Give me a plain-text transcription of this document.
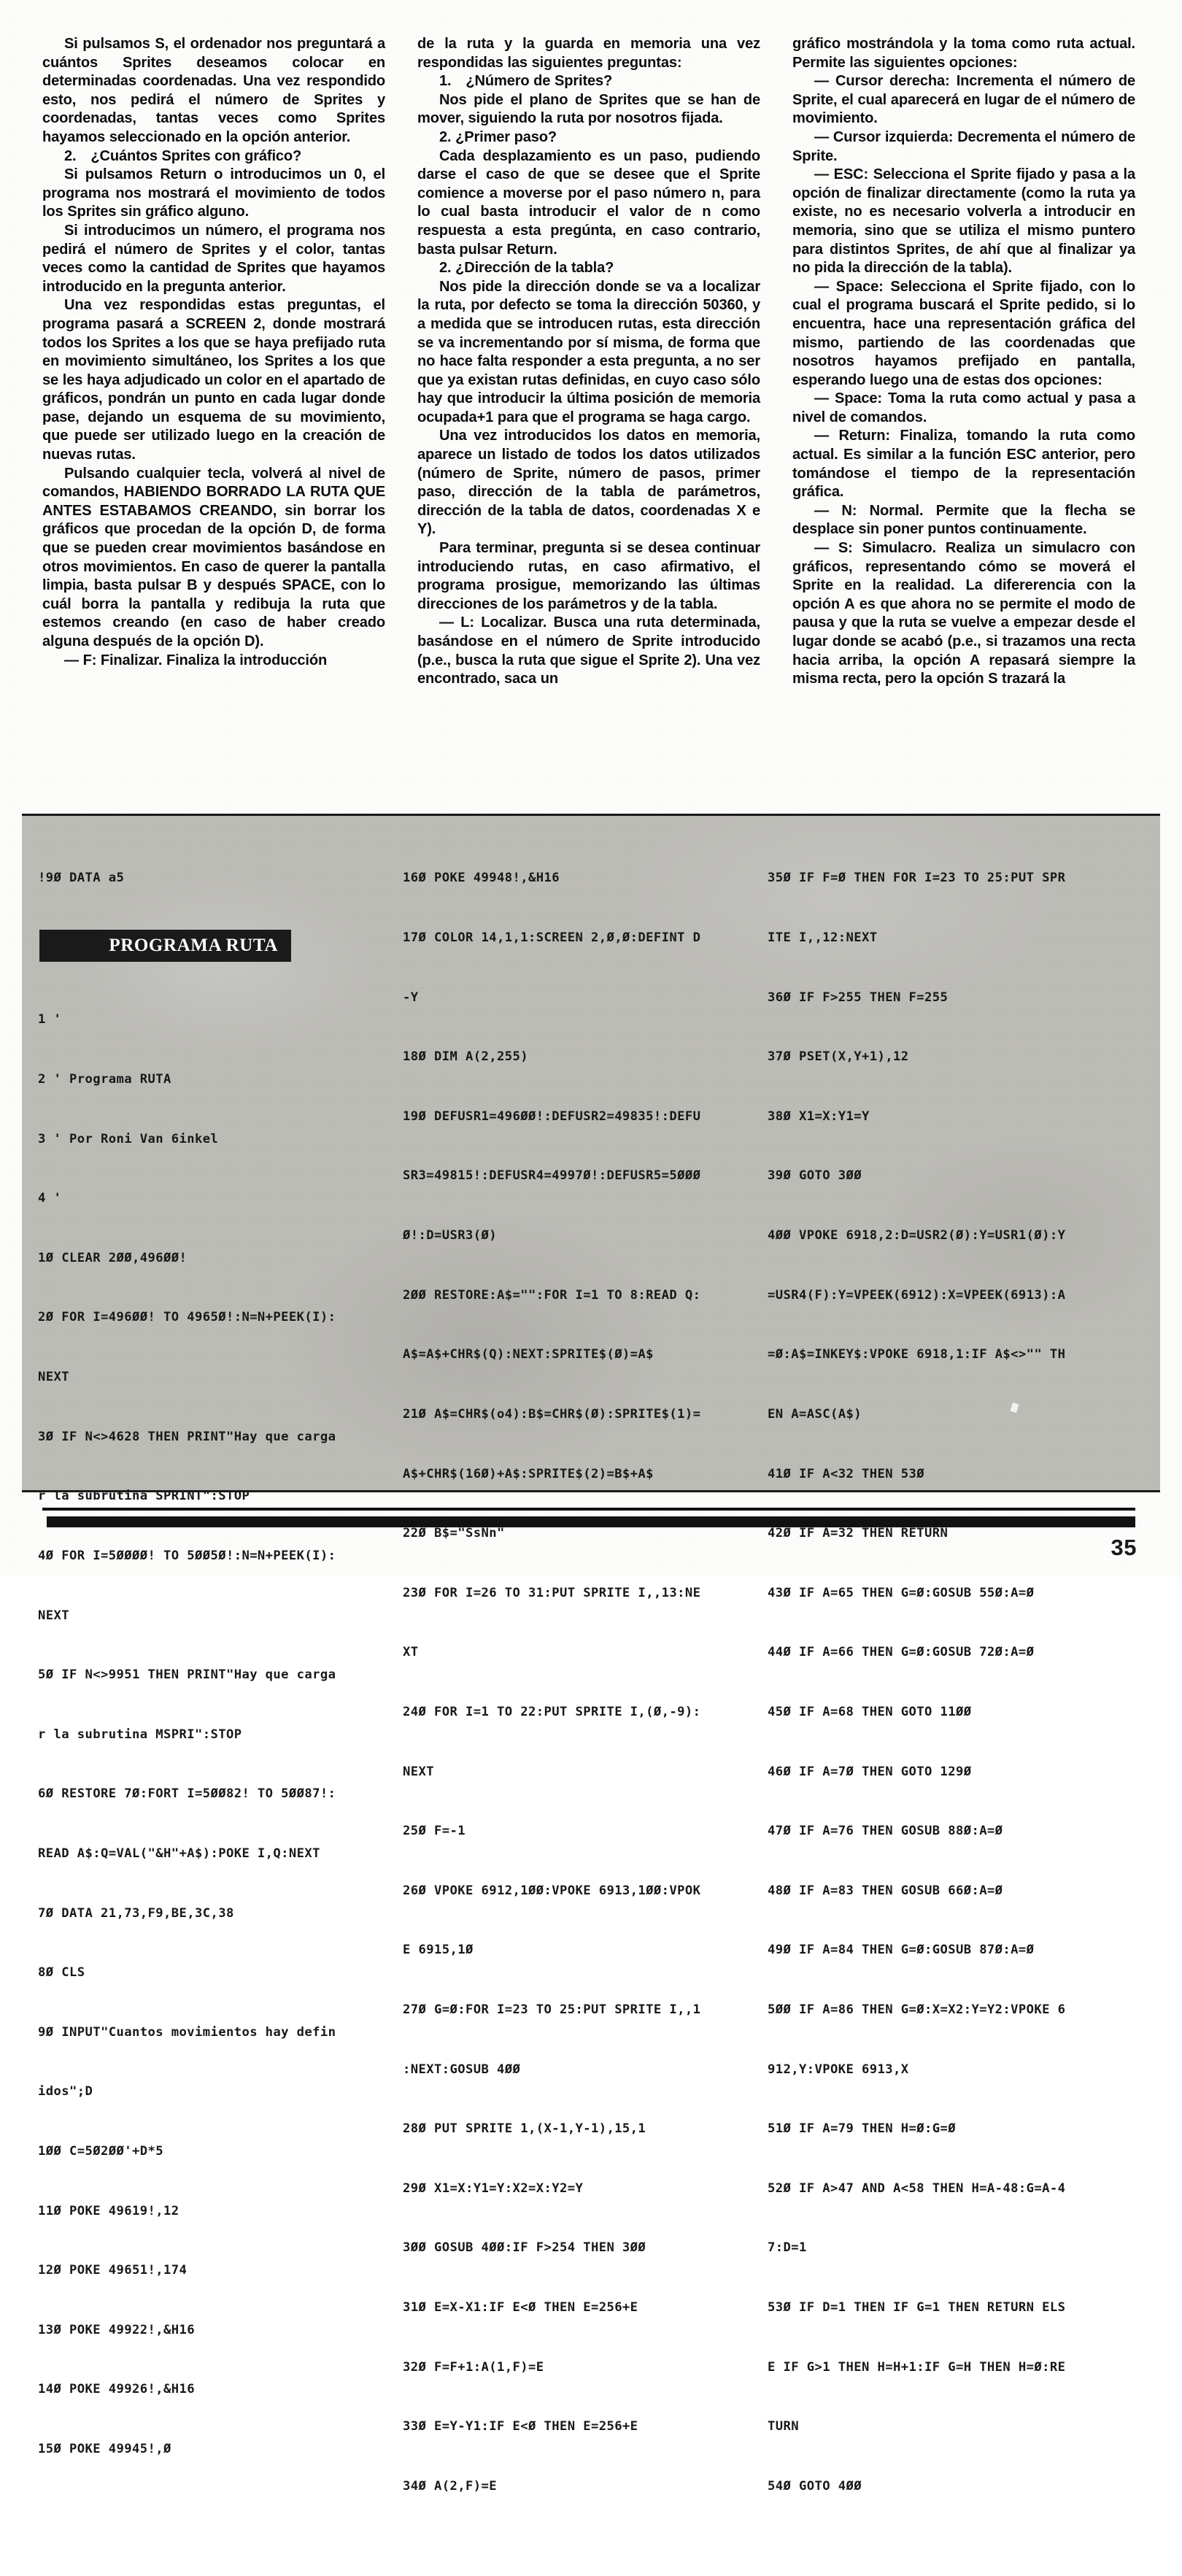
Si pulsamos S, el ordenador nos preguntará a cuántos Sprites deseamos colocar en determinadas coordenadas. Una vez respondido esto, nos pedirá el número de Sprites y coordenadas, tantas veces como Sprites hayamos seleccionado en la opción anterior.

2. ¿Cuántos Sprites con gráfico?

Si pulsamos Return o introducimos un 0, el programa nos mostrará el movimiento de todos los Sprites sin gráfico alguno.

Si introducimos un número, el programa nos pedirá el número de Sprites y el color, tantas veces como la cantidad de Sprites que hayamos introducido en la pregunta anterior.

Una vez respondidas estas preguntas, el programa pasará a SCREEN 2, donde mostrará todos los Sprites a los que se haya prefijado ruta en movimiento simultáneo, los Sprites a los que se les haya adjudicado un color en el apartado de gráficos, pondrán un punto en cada lugar donde pase, dejando un esquema de su movimiento, que puede ser utilizado luego en la creación de nuevas rutas.

Pulsando cualquier tecla, volverá al nivel de comandos, HABIENDO BORRADO LA RUTA QUE ANTES ESTABAMOS CREANDO, sin borrar los gráficos que procedan de la opción D, de forma que se pueden crear movimientos basándose en otros movimientos. En caso de querer la pantalla limpia, basta pulsar B y después SPACE, con lo cuál borra la pantalla y redibuja la ruta que estemos creando (en caso de haber creado alguna después de la opción D).

— F: Finalizar. Finaliza la introducción

de la ruta y la guarda en memoria una vez respondidas las siguientes preguntas:

1. ¿Número de Sprites?

Nos pide el plano de Sprites que se han de mover, siguiendo la ruta por nosotros fijada.

2. ¿Primer paso?

Cada desplazamiento es un paso, pudiendo darse el caso de que se desee que el Sprite comience a moverse por el paso número n, para lo cual basta introducir el valor de n como respuesta a esta pregúnta, en caso contrario, basta pulsar Return.

2. ¿Dirección de la tabla?

Nos pide la dirección donde se va a localizar la ruta, por defecto se toma la dirección 50360, y a medida que se introducen rutas, esta dirección se va incrementando por sí misma, de forma que no hace falta responder a esta pregunta, a no ser que ya existan rutas definidas, en cuyo caso sólo hay que introducir la última posición de memoria ocupada+1 para que el programa se haga cargo.

Una vez introducidos los datos en memoria, aparece un listado de todos los datos utilizados (número de Sprite, número de pasos, primer paso, dirección de la tabla de parámetros, dirección de la tabla de datos, coordenadas X e Y).

Para terminar, pregunta si se desea continuar introduciendo rutas, en caso afirmativo, el programa prosigue, memorizando las últimas direcciones de los parámetros y de la tabla.

— L: Localizar. Busca una ruta determinada, basándose en el número de Sprite introducido (p.e., busca la ruta que sigue el Sprite 2). Una vez encontrado, saca un

gráfico mostrándola y la toma como ruta actual. Permite las siguientes opciones:

— Cursor derecha: Incrementa el número de Sprite, el cual aparecerá en lugar de el número de movimiento.

— Cursor izquierda: Decrementa el número de Sprite.

— ESC: Selecciona el Sprite fijado y pasa a la opción de finalizar directamente (como la ruta ya existe, no es necesario volverla a introducir en memoria, sino que se utiliza el mismo puntero para distintos Sprites, de ahí que al finalizar ya no pida la dirección de la tabla).

— Space: Selecciona el Sprite fijado, con lo cual el programa buscará el Sprite pedido, si lo encuentra, hace una representación gráfica del mismo, partiendo de las coordenadas que nosotros hayamos prefijado en pantalla, esperando luego una de estas dos opciones:

— Space: Toma la ruta como actual y pasa a nivel de comandos.

— Return: Finaliza, tomando la ruta como actual. Es similar a la función ESC anterior, pero tomándose el tiempo de la representación gráfica.

— N: Normal. Permite que la flecha se desplace sin poner puntos continuamente.

— S: Simulacro. Realiza un simulacro con gráficos, representando cómo se moverá el Sprite en la realidad. La difererencia con la opción A es que ahora no se permite el modo de pausa y que la ruta se vuelve a empezar desde el lugar donde se acabó (p.e., si trazamos una recta hacia arriba, la opción A repasará siempre la misma recta, pero la opción S trazará la

!9Ø DATA a5

PROGRAMA RUTA

1 '

2 ' Programa RUTA

3 ' Por Roni Van 6inkel

4 '

1Ø CLEAR 2ØØ,496ØØ!

2Ø FOR I=496ØØ! TO 4965Ø!:N=N+PEEK(I):

NEXT

3Ø IF N<>4628 THEN PRINT"Hay que carga

r la subrutina SPRINT":STOP

4Ø FOR I=5ØØØØ! TO 5ØØ5Ø!:N=N+PEEK(I):

NEXT

5Ø IF N<>9951 THEN PRINT"Hay que carga

r la subrutina MSPRI":STOP

6Ø RESTORE 7Ø:FORT I=5ØØ82! TO 5ØØ87!:

READ A$:Q=VAL("&H"+A$):POKE I,Q:NEXT

7Ø DATA 21,73,F9,BE,3C,38

8Ø CLS

9Ø INPUT"Cuantos movimientos hay defin

idos";D

1ØØ C=5Ø2ØØ'+D*5

11Ø POKE 49619!,12

12Ø POKE 49651!,174

13Ø POKE 49922!,&H16

14Ø POKE 49926!,&H16

15Ø POKE 49945!,Ø

16Ø POKE 49948!,&H16

17Ø COLOR 14,1,1:SCREEN 2,Ø,Ø:DEFINT D

-Y

18Ø DIM A(2,255)

19Ø DEFUSR1=496ØØ!:DEFUSR2=49835!:DEFU

SR3=49815!:DEFUSR4=4997Ø!:DEFUSR5=5ØØØ

Ø!:D=USR3(Ø)

2ØØ RESTORE:A$="":FOR I=1 TO 8:READ Q:

A$=A$+CHR$(Q):NEXT:SPRITE$(Ø)=A$

21Ø A$=CHR$(o4):B$=CHR$(Ø):SPRITE$(1)=

A$+CHR$(16Ø)+A$:SPRITE$(2)=B$+A$

22Ø B$="SsNn"

23Ø FOR I=26 TO 31:PUT SPRITE I,,13:NE

XT

24Ø FOR I=1 TO 22:PUT SPRITE I,(Ø,-9):

NEXT

25Ø F=-1

26Ø VPOKE 6912,1ØØ:VPOKE 6913,1ØØ:VPOK

E 6915,1Ø

27Ø G=Ø:FOR I=23 TO 25:PUT SPRITE I,,1

:NEXT:GOSUB 4ØØ

28Ø PUT SPRITE 1,(X-1,Y-1),15,1

29Ø X1=X:Y1=Y:X2=X:Y2=Y

3ØØ GOSUB 4ØØ:IF F>254 THEN 3ØØ

31Ø E=X-X1:IF E<Ø THEN E=256+E

32Ø F=F+1:A(1,F)=E

33Ø E=Y-Y1:IF E<Ø THEN E=256+E

34Ø A(2,F)=E

35Ø IF F=Ø THEN FOR I=23 TO 25:PUT SPR

ITE I,,12:NEXT

36Ø IF F>255 THEN F=255

37Ø PSET(X,Y+1),12

38Ø X1=X:Y1=Y

39Ø GOTO 3ØØ

4ØØ VPOKE 6918,2:D=USR2(Ø):Y=USR1(Ø):Y

=USR4(F):Y=VPEEK(6912):X=VPEEK(6913):A

=Ø:A$=INKEY$:VPOKE 6918,1:IF A$<>"" TH

EN A=ASC(A$)

41Ø IF A<32 THEN 53Ø

42Ø IF A=32 THEN RETURN

43Ø IF A=65 THEN G=Ø:GOSUB 55Ø:A=Ø

44Ø IF A=66 THEN G=Ø:GOSUB 72Ø:A=Ø

45Ø IF A=68 THEN GOTO 11ØØ

46Ø IF A=7Ø THEN GOTO 129Ø

47Ø IF A=76 THEN GOSUB 88Ø:A=Ø

48Ø IF A=83 THEN GOSUB 66Ø:A=Ø

49Ø IF A=84 THEN G=Ø:GOSUB 87Ø:A=Ø

5ØØ IF A=86 THEN G=Ø:X=X2:Y=Y2:VPOKE 6

912,Y:VPOKE 6913,X

51Ø IF A=79 THEN H=Ø:G=Ø

52Ø IF A>47 AND A<58 THEN H=A-48:G=A-4

7:D=1

53Ø IF D=1 THEN IF G=1 THEN RETURN ELS

E IF G>1 THEN H=H+1:IF G=H THEN H=Ø:RE

TURN

54Ø GOTO 4ØØ

35
